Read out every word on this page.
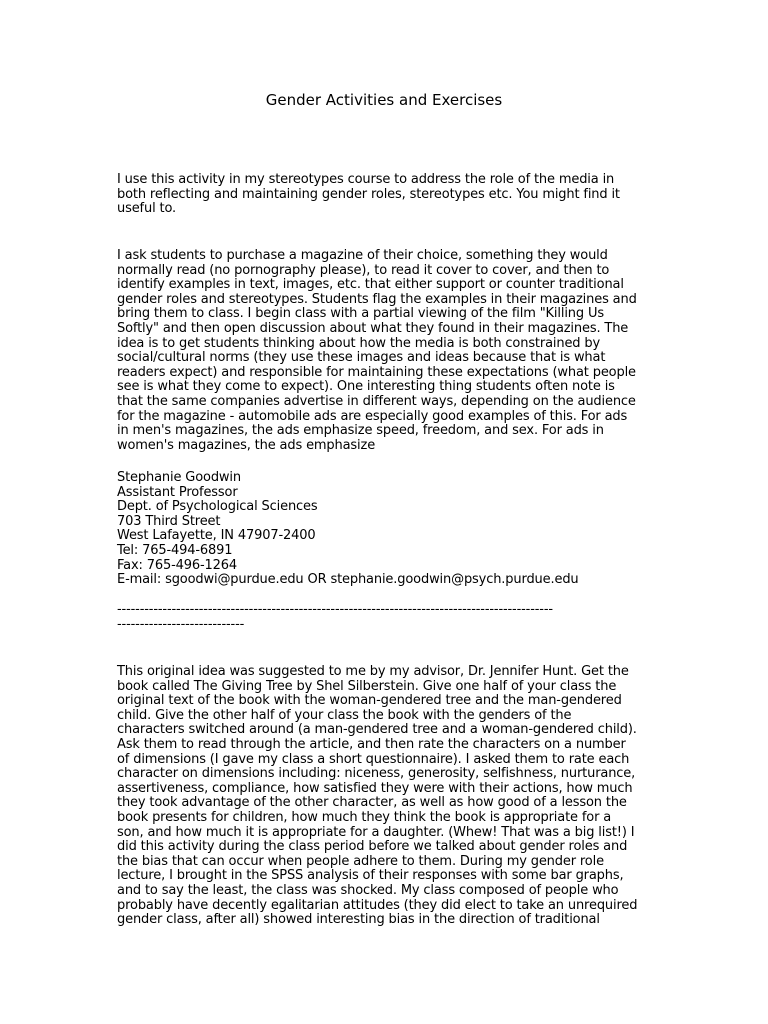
Gender Activities and Exercises
I use this activity in my stereotypes course to address the role of the media in
both reflecting and maintaining gender roles, stereotypes etc. You might find it
useful to.
I ask students to purchase a magazine of their choice, something they would
normally read (no pornography please), to read it cover to cover, and then to
identify examples in text, images, etc. that either support or counter traditional
gender roles and stereotypes. Students flag the examples in their magazines and
bring them to class. I begin class with a partial viewing of the film "Killing Us
Softly" and then open discussion about what they found in their magazines. The
idea is to get students thinking about how the media is both constrained by
social/cultural norms (they use these images and ideas because that is what
readers expect) and responsible for maintaining these expectations (what people
see is what they come to expect). One interesting thing students often note is
that the same companies advertise in different ways, depending on the audience
for the magazine - automobile ads are especially good examples of this. For ads
in men's magazines, the ads emphasize speed, freedom, and sex. For ads in
women's magazines, the ads emphasize
Stephanie Goodwin
Assistant Professor
Dept. of Psychological Sciences
703 Third Street
West Lafayette, IN 47907-2400
Tel: 765-494-6891
Fax: 765-496-1264
E-mail: sgoodwi@purdue.edu OR stephanie.goodwin@psych.purdue.edu
------------------------------------------------------------------------------------------------
----------------------------
This original idea was suggested to me by my advisor, Dr. Jennifer Hunt. Get the
book called The Giving Tree by Shel Silberstein. Give one half of your class the
original text of the book with the woman-gendered tree and the man-gendered
child. Give the other half of your class the book with the genders of the
characters switched around (a man-gendered tree and a woman-gendered child).
Ask them to read through the article, and then rate the characters on a number
of dimensions (I gave my class a short questionnaire). I asked them to rate each
character on dimensions including: niceness, generosity, selfishness, nurturance,
assertiveness, compliance, how satisfied they were with their actions, how much
they took advantage of the other character, as well as how good of a lesson the
book presents for children, how much they think the book is appropriate for a
son, and how much it is appropriate for a daughter. (Whew! That was a big list!) I
did this activity during the class period before we talked about gender roles and
the bias that can occur when people adhere to them. During my gender role
lecture, I brought in the SPSS analysis of their responses with some bar graphs,
and to say the least, the class was shocked. My class composed of people who
probably have decently egalitarian attitudes (they did elect to take an unrequired
gender class, after all) showed interesting bias in the direction of traditional
